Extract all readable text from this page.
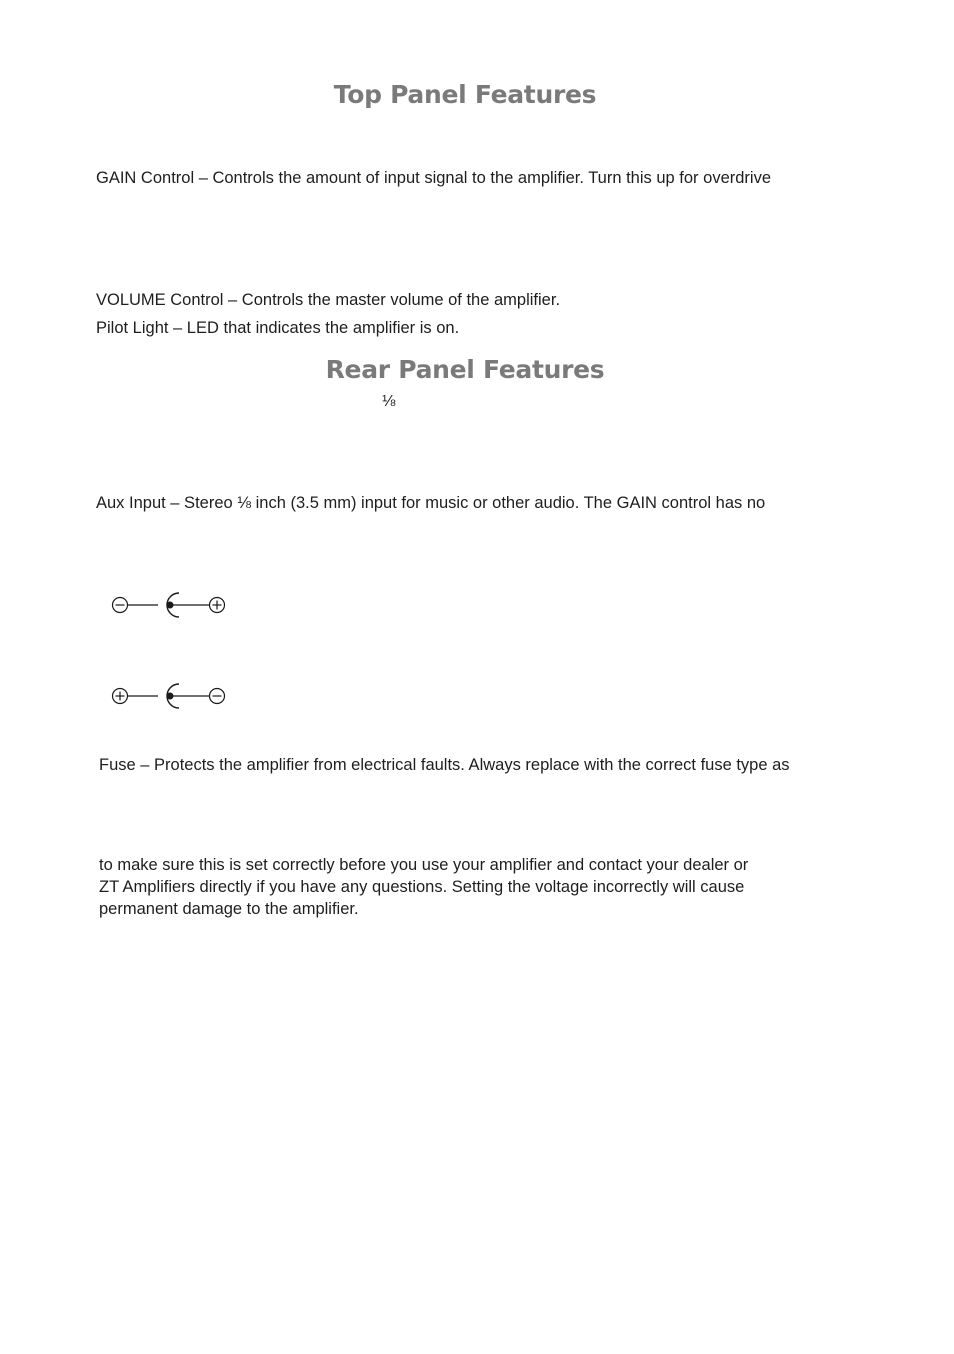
Top Panel Features
GAIN Control – Controls the amount of input signal to the amplifier. Turn this up for overdrive
VOLUME Control – Controls the master volume of the amplifier.
Pilot Light – LED that indicates the amplifier is on.
Rear Panel Features
⅛
Aux Input – Stereo ⅛ inch (3.5 mm) input for music or other audio. The GAIN control has no
Fuse – Protects the amplifier from electrical faults. Always replace with the correct fuse type as
to make sure this is set correctly before you use your amplifier and contact your dealer or
ZT Amplifiers directly if you have any questions. Setting the voltage incorrectly will cause
permanent damage to the amplifier.
